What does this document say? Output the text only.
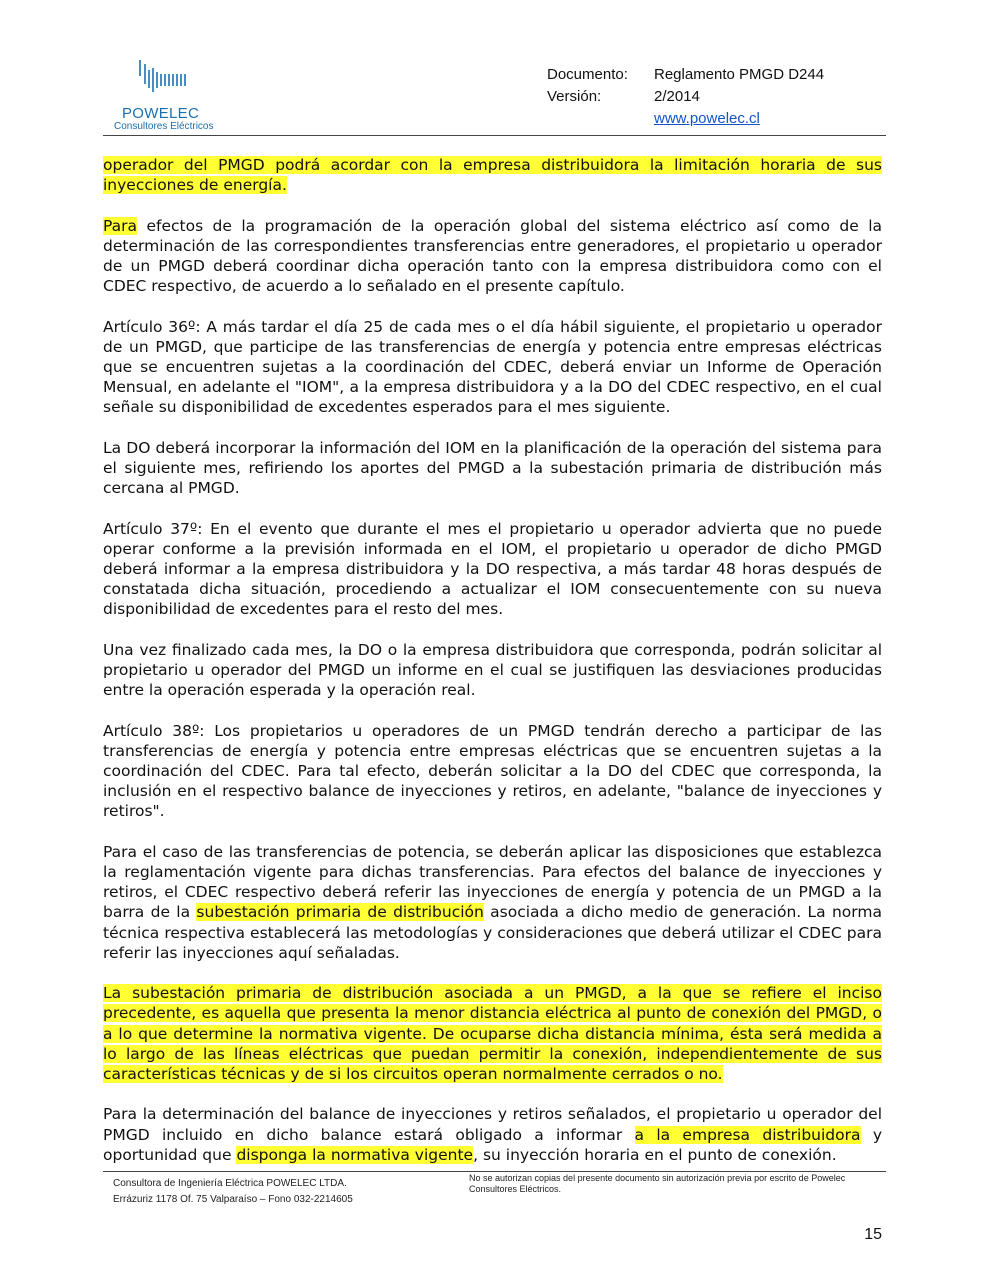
POWELEC
Consultores Eléctricos
Documento:	Reglamento PMGD D244
Versión:	2/2014
www.powelec.cl

operador del PMGD podrá acordar con la empresa distribuidora la limitación horaria de sus inyecciones de energía.

Para efectos de la programación de la operación global del sistema eléctrico así como de la determinación de las correspondientes transferencias entre generadores, el propietario u operador de un PMGD deberá coordinar dicha operación tanto con la empresa distribuidora como con el CDEC respectivo, de acuerdo a lo señalado en el presente capítulo.

Artículo 36º: A más tardar el día 25 de cada mes o el día hábil siguiente, el propietario u operador de un PMGD, que participe de las transferencias de energía y potencia entre empresas eléctricas que se encuentren sujetas a la coordinación del CDEC, deberá enviar un Informe de Operación Mensual, en adelante el "IOM", a la empresa distribuidora y a la DO del CDEC respectivo, en el cual señale su disponibilidad de excedentes esperados para el mes siguiente.

La DO deberá incorporar la información del IOM en la planificación de la operación del sistema para el siguiente mes, refiriendo los aportes del PMGD a la subestación primaria de distribución más cercana al PMGD.

Artículo 37º: En el evento que durante el mes el propietario u operador advierta que no puede operar conforme a la previsión informada en el IOM, el propietario u operador de dicho PMGD deberá informar a la empresa distribuidora y la DO respectiva, a más tardar 48 horas después de constatada dicha situación, procediendo a actualizar el IOM consecuentemente con su nueva disponibilidad de excedentes para el resto del mes.

Una vez finalizado cada mes, la DO o la empresa distribuidora que corresponda, podrán solicitar al propietario u operador del PMGD un informe en el cual se justifiquen las desviaciones producidas entre la operación esperada y la operación real.

Artículo 38º: Los propietarios u operadores de un PMGD tendrán derecho a participar de las transferencias de energía y potencia entre empresas eléctricas que se encuentren sujetas a la coordinación del CDEC. Para tal efecto, deberán solicitar a la DO del CDEC que corresponda, la inclusión en el respectivo balance de inyecciones y retiros, en adelante, "balance de inyecciones y retiros".

Para el caso de las transferencias de potencia, se deberán aplicar las disposiciones que establezca la reglamentación vigente para dichas transferencias. Para efectos del balance de inyecciones y retiros, el CDEC respectivo deberá referir las inyecciones de energía y potencia de un PMGD a la barra de la subestación primaria de distribución asociada a dicho medio de generación. La norma técnica respectiva establecerá las metodologías y consideraciones que deberá utilizar el CDEC para referir las inyecciones aquí señaladas.

La subestación primaria de distribución asociada a un PMGD, a la que se refiere el inciso precedente, es aquella que presenta la menor distancia eléctrica al punto de conexión del PMGD, o a lo que determine la normativa vigente. De ocuparse dicha distancia mínima, ésta será medida a lo largo de las líneas eléctricas que puedan permitir la conexión, independientemente de sus características técnicas y de si los circuitos operan normalmente cerrados o no.

Para la determinación del balance de inyecciones y retiros señalados, el propietario u operador del PMGD incluido en dicho balance estará obligado a informar a la empresa distribuidora y oportunidad que disponga la normativa vigente, su inyección horaria en el punto de conexión.

Consultora de Ingeniería Eléctrica POWELEC LTDA.
Errázuriz 1178 Of. 75 Valparaíso – Fono 032-2214605
No se autorizan copias del presente documento sin autorización previa por escrito de Powelec Consultores Eléctricos.
15
